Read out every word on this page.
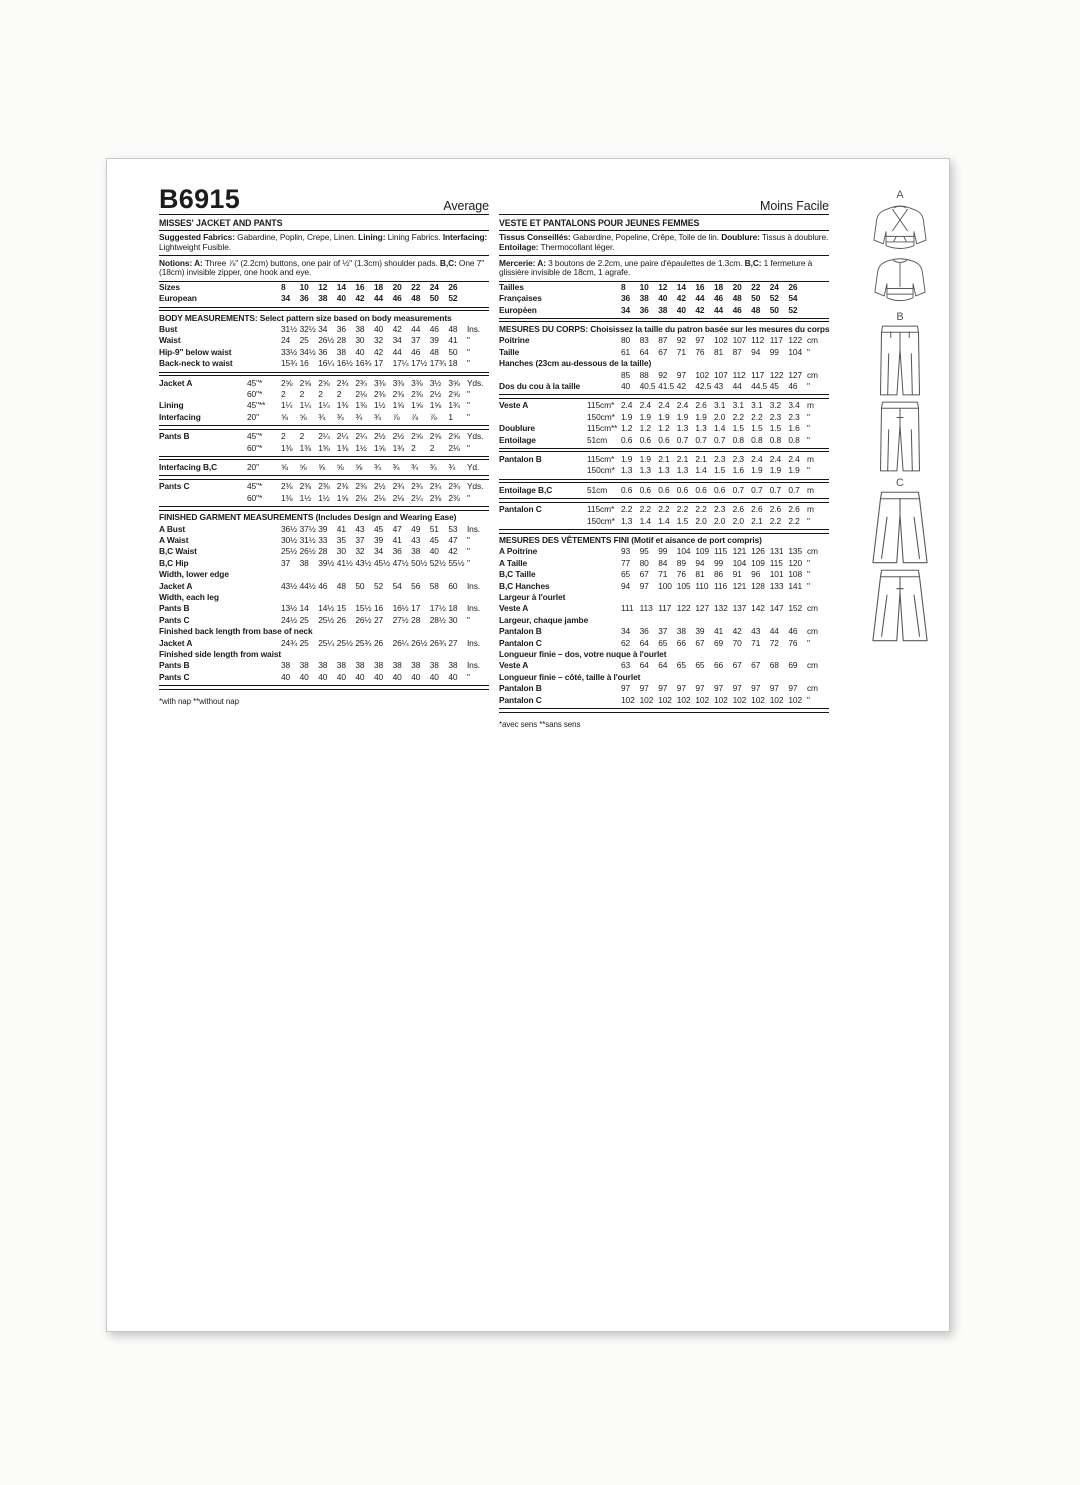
B6915	Average
MISSES' JACKET AND PANTS
Suggested Fabrics: Gabardine, Poplin, Crepe, Linen. Lining: Lining Fabrics. Interfacing: Lightweight Fusible.
Notions: A: Three ⅞" (2.2cm) buttons, one pair of ½" (1.3cm) shoulder pads. B,C: One 7" (18cm) invisible zipper, one hook and eye.
Sizes	8	10	12	14	16	18	20	22	24	26
European	34	36	38	40	42	44	46	48	50	52
BODY MEASUREMENTS: Select pattern size based on body measurements
Bust	31½ 32½ 34	36	38	40	42	44	46	48	Ins.
Waist	24	25	26½ 28	30	32	34	37	39	41	"
Hip-9" below waist	33½ 34½ 36	38	40	42	44	46	48	50	"
Back-neck to waist	15¾ 16	16¼ 16½ 16¾ 17	17¼ 17½ 17¾ 18	"
Jacket A	45"*	2⅝ 2⅝ 2⅝ 2¾ 2¾ 3⅜ 3⅜ 3⅜ 3½ 3⅝ Yds.
60"*	2	2	2	2	2⅛ 2⅜ 2⅜ 2⅜ 2½ 2⅝ "
Lining	45"**	1¼ 1¼ 1¼ 1⅜ 1⅜ 1½ 1⅝ 1⅝ 1⅝ 1¾ "
Interfacing	20"	⅝	⅝	¾	¾	¾	¾	⅞	⅞	⅞	1	"
Pants B	45"*	2	2	2¼ 2¼ 2¼ 2½ 2½ 2⅝ 2⅝ 2⅝ Yds.
60"*	1⅜ 1⅜ 1⅜ 1⅜ 1½ 1⅝ 1¾ 2	2	2⅛ "
Interfacing B,C	20"	⅝	⅝	⅝	⅝	⅝	¾	¾	¾	¾	¾	Yd.
Pants C	45"*	2⅜ 2⅜ 2⅜ 2⅜ 2⅜ 2½ 2¾ 2¾ 2¾ 2¾ Yds.
60"*	1⅜ 1½ 1½ 1⅝ 2⅛ 2⅛ 2⅛ 2¼ 2⅜ 2⅜ "
FINISHED GARMENT MEASUREMENTS (Includes Design and Wearing Ease)
A Bust	36½ 37½ 39	41	43	45	47	49	51	53	Ins.
A Waist	30½ 31½ 33	35	37	39	41	43	45	47	"
B,C Waist	25½ 26½ 28	30	32	34	36	38	40	42	"
B,C Hip	37	38	39½ 41½ 43½ 45½ 47½ 50½ 52½ 55½ "
Width, lower edge
Jacket A	43½ 44½ 46	48	50	52	54	56	58	60	Ins.
Width, each leg
Pants B	13½ 14	14½ 15	15½ 16	16½ 17	17½ 18	Ins.
Pants C	24½ 25	25½ 26	26½ 27	27½ 28	28½ 30	"
Finished back length from base of neck
Jacket A	24¾ 25	25¼ 25½ 25¾ 26	26¼ 26½ 26¾ 27	Ins.
Finished side length from waist
Pants B	38	38	38	38	38	38	38	38	38	38	Ins.
Pants C	40	40	40	40	40	40	40	40	40	40	"
*with nap **without nap
Moins Facile
VESTE ET PANTALONS POUR JEUNES FEMMES
Tissus Conseillés: Gabardine, Popeline, Crêpe, Toile de lin. Doublure: Tissus à doublure. Entoilage: Thermocollant léger.
Mercerie: A: 3 boutons de 2.2cm, une paire d'épaulettes de 1.3cm. B,C: 1 fermeture à glissière invisible de 18cm, 1 agrafe.
Tailles	8	10	12	14	16	18	20	22	24	26
Françaises	36	38	40	42	44	46	48	50	52	54
Europèen	34	36	38	40	42	44	46	48	50	52
MESURES DU CORPS: Choisissez la taille du patron basée sur les mesures du corps
Poitrine	80	83	87	92	97	102 107 112 117 122 cm
Taille	61	64	67	71	76	81	87	94	99	104 "
Hanches (23cm au-dessous de la taille)
85	88	92	97	102 107 112 117 122 127 cm
Dos du cou à la taille	40	40.5 41.5 42	42.5 43	44	44.5 45	46	"
Veste A	115cm* 2.4 2.4 2.4 2.4 2.6 3.1 3.1 3.1 3.2 3.4 m
150cm* 1.9 1.9 1.9 1.9 1.9 2.0 2.2 2.2 2.3 2.3 "
Doublure	115cm** 1.2 1.2 1.2 1.3 1.3 1.4 1.5 1.5 1.5 1.6 "
Entoilage	51cm	0.6 0.6 0.6 0.7 0.7 0.7 0.8 0.8 0.8 0.8 "
Pantalon B	115cm* 1.9 1.9 2.1 2.1 2.1 2.3 2.3 2.4 2.4 2.4 m
150cm* 1.3 1.3 1.3 1.3 1.4 1.5 1.6 1.9 1.9 1.9 "
Entoilage B,C	51cm	0.6 0.6 0.6 0.6 0.6 0.6 0.7 0.7 0.7 0.7 m
Pantalon C	115cm* 2.2 2.2 2.2 2.2 2.2 2.3 2.6 2.6 2.6 2.6 m
150cm* 1.3 1.4 1.4 1.5 2.0 2.0 2.0 2.1 2.2 2.2 "
MESURES DES VÊTEMENTS FINI (Motif et aisance de port compris)
A Poitrine	93	95	99	104 109 115 121 126 131 135 cm
A Taille	77	80	84	89	94	99	104 109 115 120 "
B,C Taille	65	67	71	76	81	86	91	96	101 108 "
B,C Hanches	94	97	100 105 110 116 121 128 133 141 "
Largeur à l'ourlet
Veste A	111 113 117 122 127 132 137 142 147 152 cm
Largeur, chaque jambe
Pantalon B	34	36	37	38	39	41	42	43	44	46	cm
Pantalon C	62	64	65	66	67	69	70	71	72	76	"
Longueur finie – dos, votre nuque à l'ourlet
Veste A	63	64	64	65	65	66	67	67	68	69	cm
Longueur finie – côté, taille à l'ourlet
Pantalon B	97	97	97	97	97	97	97	97	97	97	cm
Pantalon C	102 102 102 102 102 102 102 102 102 102 "
*avec sens **sans sens
A
B
C
